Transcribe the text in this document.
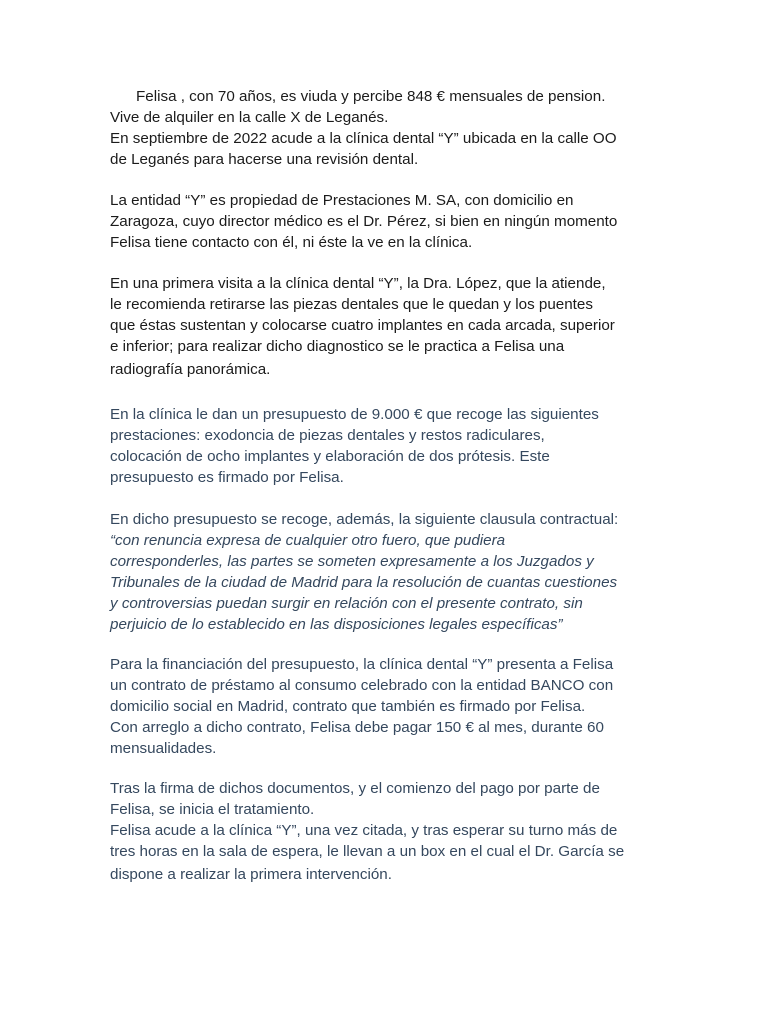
Felisa , con 70 años, es viuda y percibe 848 € mensuales de pension.
Vive de alquiler en la calle X de Leganés.
En septiembre de 2022 acude a la clínica dental “Y” ubicada en la calle OO
de Leganés para hacerse una revisión dental.
La entidad “Y” es propiedad de Prestaciones M. SA, con domicilio en
Zaragoza, cuyo director médico es el Dr. Pérez, si bien en ningún momento
Felisa tiene contacto con él, ni éste la ve en la clínica.
En una primera visita a la clínica dental “Y”, la Dra. López, que la atiende,
le recomienda retirarse las piezas dentales que le quedan y los puentes
que éstas sustentan y colocarse cuatro implantes en cada arcada, superior
e inferior; para realizar dicho diagnostico se le practica a Felisa una
radiografía panorámica.
En la clínica le dan un presupuesto de 9.000 € que recoge las siguientes
prestaciones: exodoncia de piezas dentales y restos radiculares,
colocación de ocho implantes y elaboración de dos prótesis. Este
presupuesto es firmado por Felisa.
En dicho presupuesto se recoge, además, la siguiente clausula contractual:
“con renuncia expresa de cualquier otro fuero, que pudiera
corresponderles, las partes se someten expresamente a los Juzgados y
Tribunales de la ciudad de Madrid para la resolución de cuantas cuestiones
y controversias puedan surgir en relación con el presente contrato, sin
perjuicio de lo establecido en las disposiciones legales específicas”
Para la financiación del presupuesto, la clínica dental “Y” presenta a Felisa
un contrato de préstamo al consumo celebrado con la entidad BANCO con
domicilio social en Madrid, contrato que también es firmado por Felisa.
Con arreglo a dicho contrato, Felisa debe pagar 150 € al mes, durante 60
mensualidades.
Tras la firma de dichos documentos, y el comienzo del pago por parte de
Felisa, se inicia el tratamiento.
Felisa acude a la clínica “Y”, una vez citada, y tras esperar su turno más de
tres horas en la sala de espera, le llevan a un box en el cual el Dr. García se
dispone a realizar la primera intervención.
